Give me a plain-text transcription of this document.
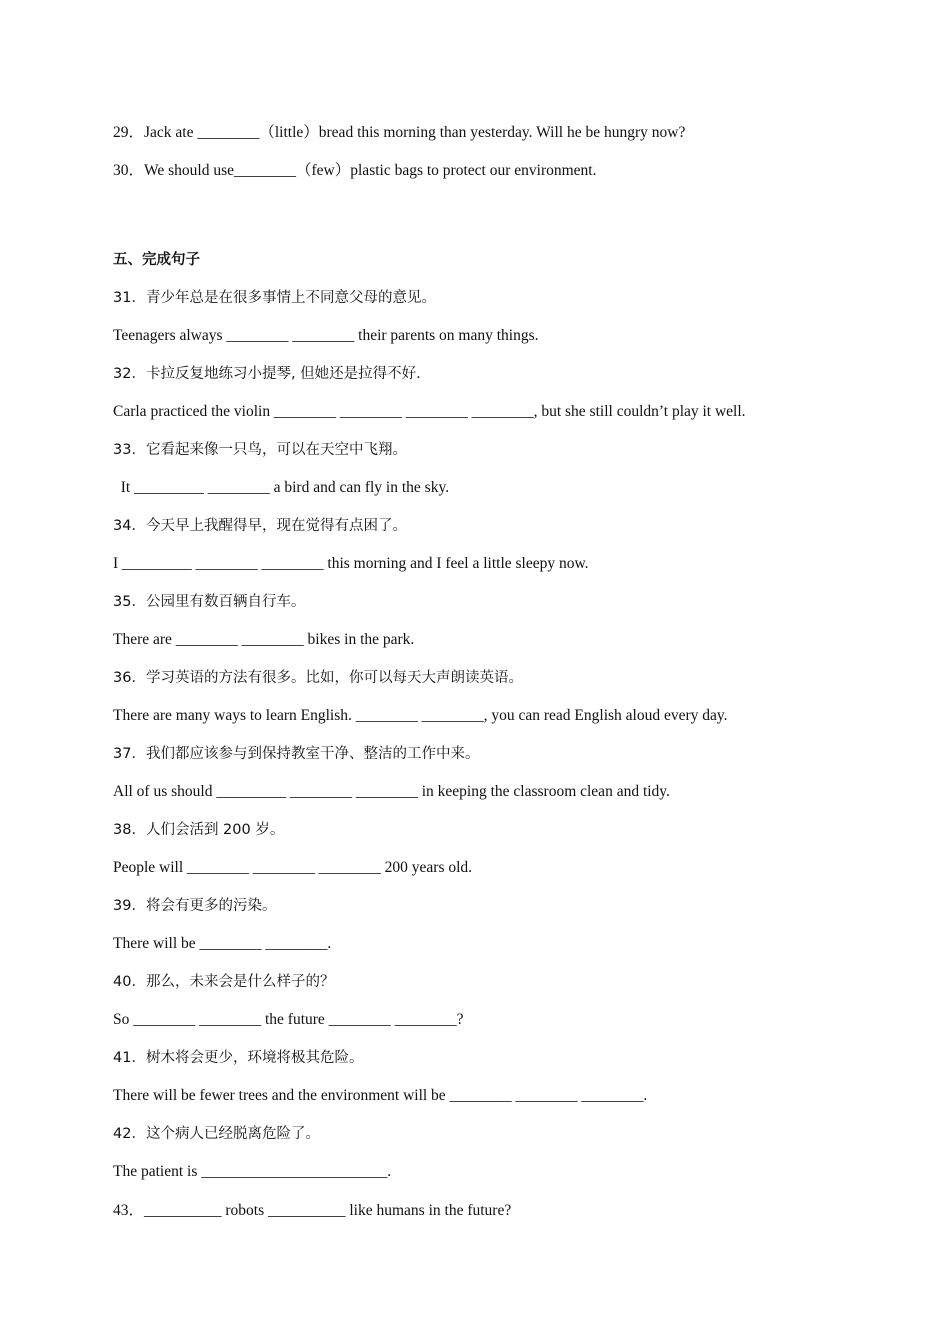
29．Jack ate ________（little）bread this morning than yesterday. Will he be hungry now?
30．We should use________（few）plastic bags to protect our environment.
五、完成句子
31．青少年总是在很多事情上不同意父母的意见。
Teenagers always ________ ________ their parents on many things.
32．卡拉反复地练习小提琴, 但她还是拉得不好.
Carla practiced the violin ________ ________ ________ ________, but she still couldn’t play it well.
33．它看起来像一只鸟，可以在天空中飞翔。
It _________ ________ a bird and can fly in the sky.
34．今天早上我醒得早，现在觉得有点困了。
I _________ ________ ________ this morning and I feel a little sleepy now.
35．公园里有数百辆自行车。
There are ________ ________ bikes in the park.
36．学习英语的方法有很多。比如，你可以每天大声朗读英语。
There are many ways to learn English. ________ ________, you can read English aloud every day.
37．我们都应该参与到保持教室干净、整洁的工作中来。
All of us should _________ ________ ________ in keeping the classroom clean and tidy.
38．人们会活到 200 岁。
People will ________ ________ ________ 200 years old.
39．将会有更多的污染。
There will be ________ ________.
40．那么，未来会是什么样子的？
So ________ ________ the future ________ ________?
41．树木将会更少，环境将极其危险。
There will be fewer trees and the environment will be ________ ________ ________.
42．这个病人已经脱离危险了。
The patient is ________________________.
43．__________ robots __________ like humans in the future?
